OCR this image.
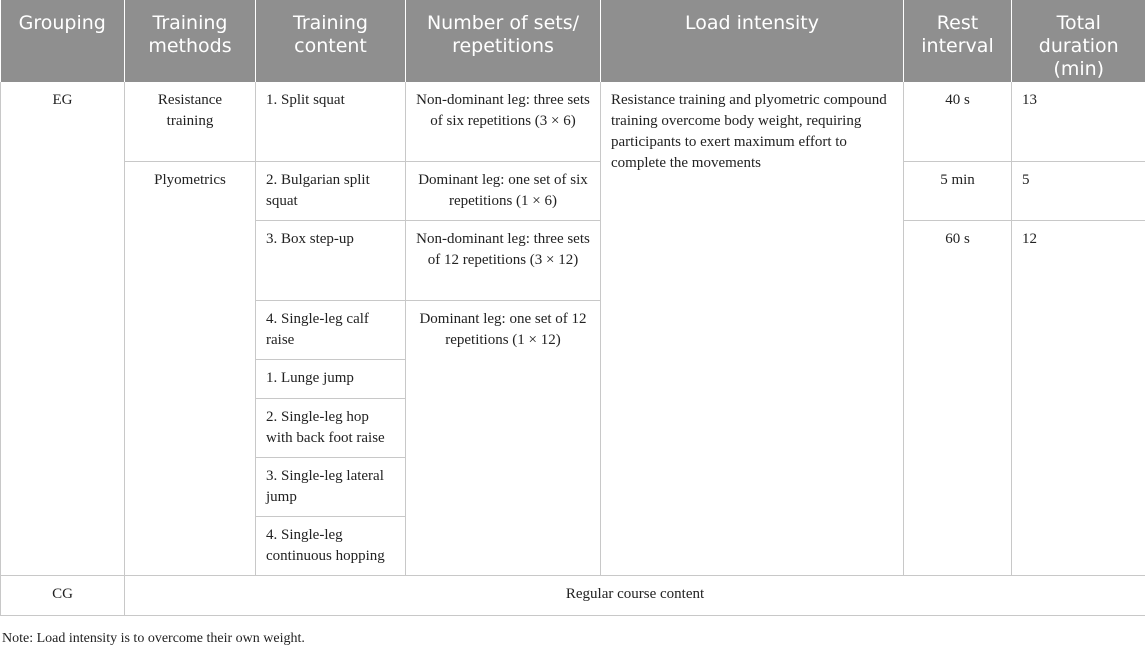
Grouping	Training methods	Training content	Number of sets/ repetitions	Load intensity	Rest interval	Total duration (min)
EG	Resistance training	1. Split squat	Non-dominant leg: three sets of six repetitions (3 × 6)	Resistance training and plyometric compound training overcome body weight, requiring participants to exert maximum effort to complete the movements	40 s	13
	Plyometrics	2. Bulgarian split squat	Dominant leg: one set of six repetitions (1 × 6)		5 min	5
		3. Box step-up	Non-dominant leg: three sets of 12 repetitions (3 × 12)		60 s	12
		4. Single-leg calf raise	Dominant leg: one set of 12 repetitions (1 × 12)			
		1. Lunge jump				
		2. Single-leg hop with back foot raise				
		3. Single-leg lateral jump				
		4. Single-leg continuous hopping				
CG	Regular course content					
Note: Load intensity is to overcome their own weight.
